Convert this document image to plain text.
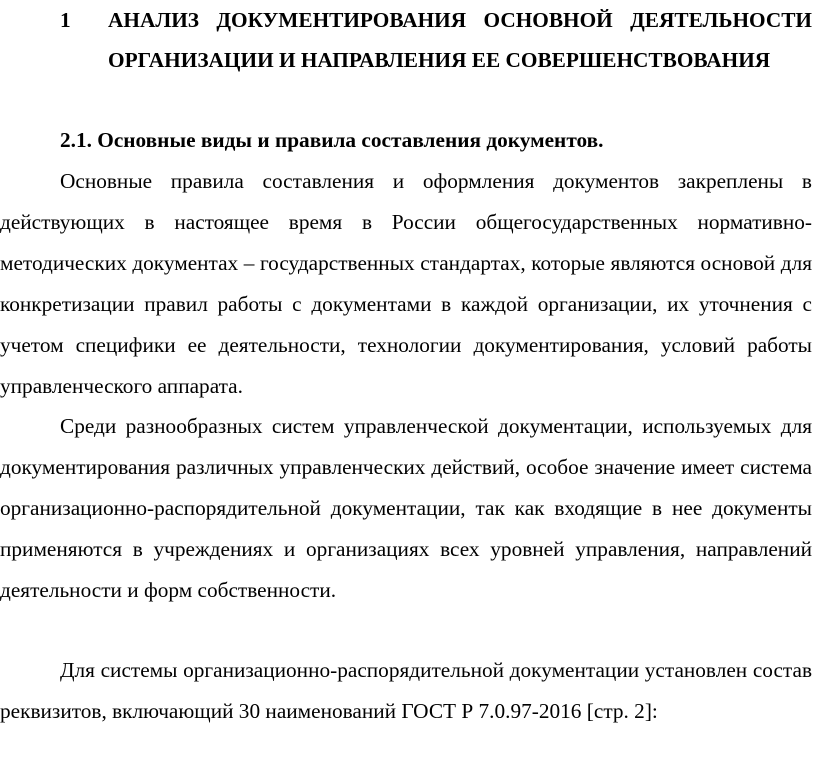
1 АНАЛИЗ ДОКУМЕНТИРОВАНИЯ ОСНОВНОЙ ДЕЯТЕЛЬНОСТИ ОРГАНИЗАЦИИ И НАПРАВЛЕНИЯ ЕЕ СОВЕРШЕНСТВОВАНИЯ
2.1. Основные виды и правила составления документов.

Основные правила составления и оформления документов закреплены в действующих в настоящее время в России общегосударственных нормативно-методических документах – государственных стандартах, которые являются основой для конкретизации правил работы с документами в каждой организации, их уточнения с учетом специфики ее деятельности, технологии документирования, условий работы управленческого аппарата.

Среди разнообразных систем управленческой документации, используемых для документирования различных управленческих действий, особое значение имеет система организационно-распорядительной документации, так как входящие в нее документы применяются в учреждениях и организациях всех уровней управления, направлений деятельности и форм собственности.

Для системы организационно-распорядительной документации установлен состав реквизитов, включающий 30 наименований ГОСТ Р 7.0.97-2016 [стр. 2]:
